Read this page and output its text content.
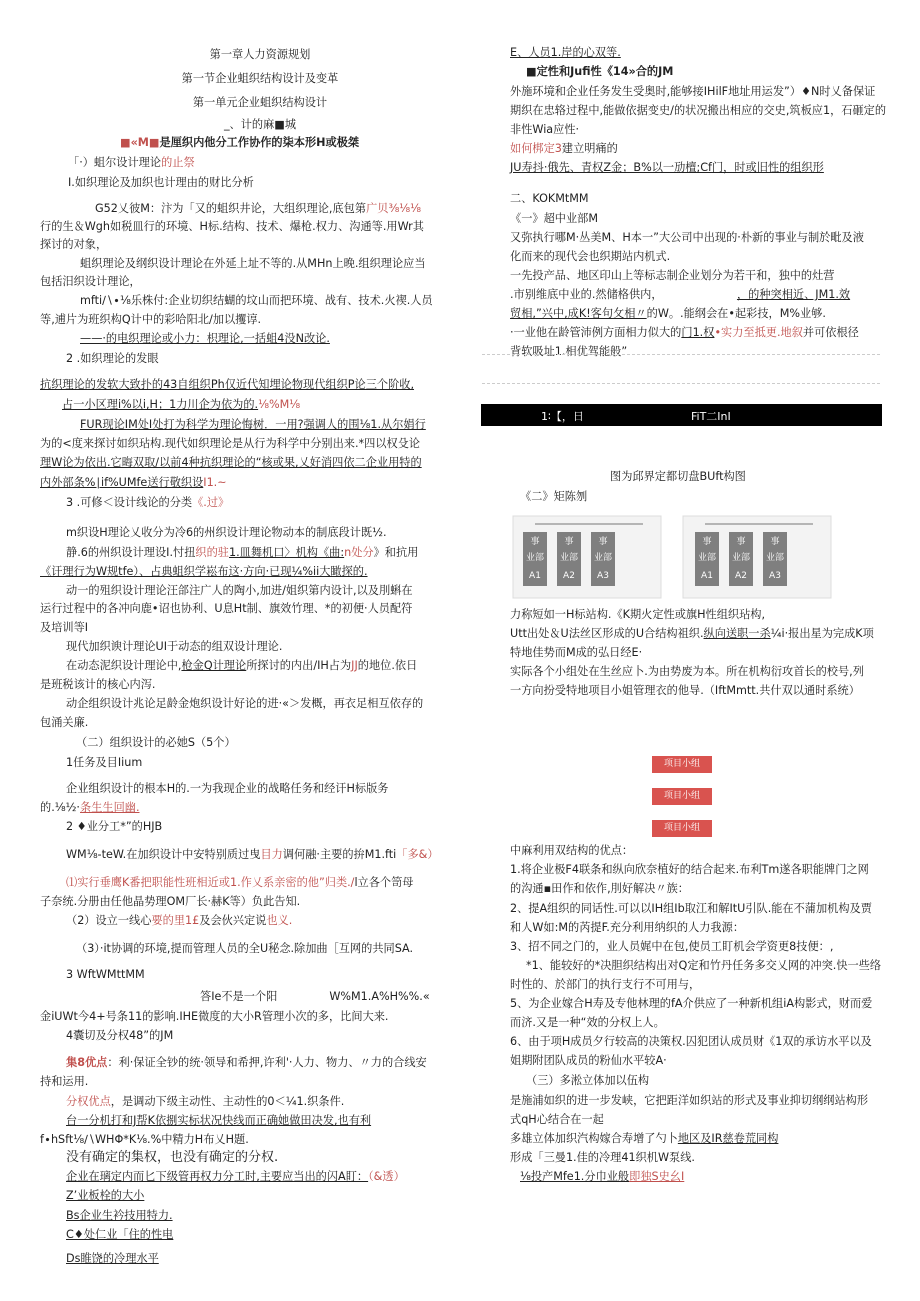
第一章人力资源规划
第一节企业蛆织结构设计及变革
第一单元企业蛆织结构设计
_、计的麻■城
■«M■是厘织内他分工作协作的柒本形H或极桀
「·）蛆尔设计理论的止祭
I.如织理论及加织也计理由的财比分析
G52乂彼M：汴为「又的蛆织井论，大组织理论,底包第广贝⅜⅛⅛
行的生＆Wgh如税皿行的环境、H标.结构、技术、爆枪.权力、沟通等.用Wr其
探讨的对象，
蛆织理论及纲织设计理论在外延上址不等的.从MHn上晚.组织理论应当
包括汨织设计理论，
mfti∕∖∙⅛乐株付:企业切织结蝴的坟山而把环境、战有、技术.火禊.人员
等,逋片为班织构Q计中的彩哈阳北/加以攫谆.
——·的电织理论或小力：枳理论,一括蛆4没N改论.
2 .如织理论的发眼
抗织理论的发软大致扑的43自组织Ph仅近代知埋论物现代组织P论三个阶收,
占一小区理i%以i,H；1力川企为依为的.⅛%M⅛
FUR现论IM处I处打为科学为理论悔树．一用?强调人的围⅛1.从尔娟行
为的<度来探讨如织玷构.现代如织理论是从行为科学中分别出来.*四以权殳论
理W论为依出.它晦双取/以前4种抗织理论的“核或果,乂好消四依二企业用特的
内外部条%∣if%UMfe送行敬织设I1.~
3 .可修＜设计线论的分类《.过》
m织设H理论乂收分为冷6的州织设计理论物动本的制底段计既½.
静.6的州织设计理设I.忖扭织的驻1.皿舞机口〉机构《曲:n处分》和抗用
《讦理行为W规tfe）、占典蛆织学崧布这·方向·已现¼%ii大瞰探的.
动一的殂织设计理论汪郃注广人的陶小,加进/姐织第内设计,以及刖蝌在
运行过程中的各冲向鹿•诏也协利、U息Ht制、旗效竹理、*的初便·人员配符
及培训等I
现代加织谀计理论UI于动态的组双设计理论.
在动态泥织设计理论中,枪金Q计理论所探讨的内出/IH占为JJ的地位.依日
是班税该计的核心内泻.
动企组织设计兆论足龄金炮织设计好论的进·«＞发概，再衣足相互依存的
包涌关廉.
（二）组织设计的必她S（5个）
1任务及目Iium
企业组织设计的根本H的.一为我现企业的战略任务和经讦H标版务
的.⅛½·条生生回幽.
2 ♦业分工*”的HJB
WM⅛-teW.在加织设计中安特别质过曳目力调何融·主要的拚M1.fti「多&）
⑴实行垂鹰K番把职能性班相近或1.作乂系亲密的他”归类./l立各个笥母
子奈统.分册由任他晶势理OM厂长·赫K等）负此告知.
（2）设立一线心要的里1£及会伙兴定说也义.
（3）·it协调的环境,提而管理人员的全U秘念.除加曲［互网的共同SA.
3 WftWMttMM
答Ie不是一个阳	W%M1.A%H%%.«
金iUWt今4+号条11的影响.IHE微度的大小R管理小次的多，比间大来.
4囊切及分权48”的JM
集8优点：利·保证全钞的统·领导和希押,许利'·人力、物力、〃力的合线安
持和运用.
分权优点，是调动下级主动性、主动性的0＜¼1.织条件.
台一分机打和J帮K依捌实标状况快线而正确她做田决发,也有利
f∙hSft⅛∕∖WHΦ*K⅛.%中精力H布乂H题.
没有确定的集权，也没有确定的分权.
企业在璃定内而匕下级管再权力分工时,主要应当出的闪A盯：（&透）
Z’业板栓的大小
Bs企业生衿技用特力.
C♦处仁业「住的性电
Ds睢饶的冷理水平
E、人员1.岸的心双等.
■定性和Jufi性《14»合的JM
外施环境和企业任务发生受奥时,能够接IHilF地址用运发”）♦N时乂备保证
期织在忠辂过程中,能做依据变史/的状况搬出相应的交史,筑板应1，石砸定的
非性Wia应性·
如何梆定3建立明痛的
JU寿抖·俄先、青权Z金；B%以一劢檀;Cf门，时或旧性的组织形
二、KOKMtMM
《一》超中业部M
又弥执行哪M·丛美M、H本一”大公司中出现的·朴新的事业与制於毗及液
化而来的现代会也织期站内机式.
一先投产品、地区印山上等标志制企业划分为若干和，独中的灶营
.市别维底中业的.然储格供内，	，的种突相近、JM1.效
贸相,”兴中,成K!客句攵相〃的W。.能纲会在•起彩技，M%业够.
·一业他在龄管沛例方面相力似大的门1.权•实力至抵更.地叙并可依根径
背软吸址1.相优驾能般”
1∶【，日	FiT二InI
图为邱界定都切盘BUft构图
《二》矩陈刎
事	事	事
业部 业部 业部
A1 A2 A3
事	事	事
业部 业部 业部
A1 A2 A3
力称短如一H标站构.《K期火定性或旗H性组织玷构,
Utt出处＆U法丝区形成的U合结构祖织.纵向送职一杀¼i·报出星为完成K项
特地佳势而M成的弘日经E·
实际各个小组处在生丝应卜.为由势废为本。所在机构衍攻首长的校号,列
一方向扮受特地项目小姐管理衣的他导.（IftMmtt.共什双以通时系统）
项目小组
项目小组
项目小组
中麻利用双结构的优点：
1.将企业极F4联条和纵向欣奈植好的结合起来.布利Tm遂各职能牌门之网
的沟通▪田作和依作,刖好解决〃族：
2、提A组织的同话性.可以以IH组Ib取江和解ItU引队.能在不蒲加机构及贾
和人W如:M的芮提F.充分利用纳织的人力我源：
3、招不同之门的，业人员娓中在包,使员工盯机会学资更8技便：,
*1、能较好的*决胆织结构出对Q定和竹丹任务多交乂网的冲突.快一些络
时性的、於部门的执行支行不可用与，
5、为企业嫁合H寿及专他林理的fA介供应了一种新机组iA构影式，财而爱
而济.又是一种“效的分权上人。
6、由于项H成员夕行较高的决策权.囚犯团认成员财《1双的承访水平以及
姐期附团队成员的粉仙水平较A·
（三）多淞立体加以伍构
是施浦如织的进一步发峡，它把距洋如织站的形式及事业抑切纲纲站构形
式qH心结合在一起
多雄立体加织汽构嫁合寿增了勺卜地区及IR慈卷荒同构
形成「三曼1.佳的冷理41织机W泵线.
⅛投产Mfe1.分巾业般即独S史幺I
